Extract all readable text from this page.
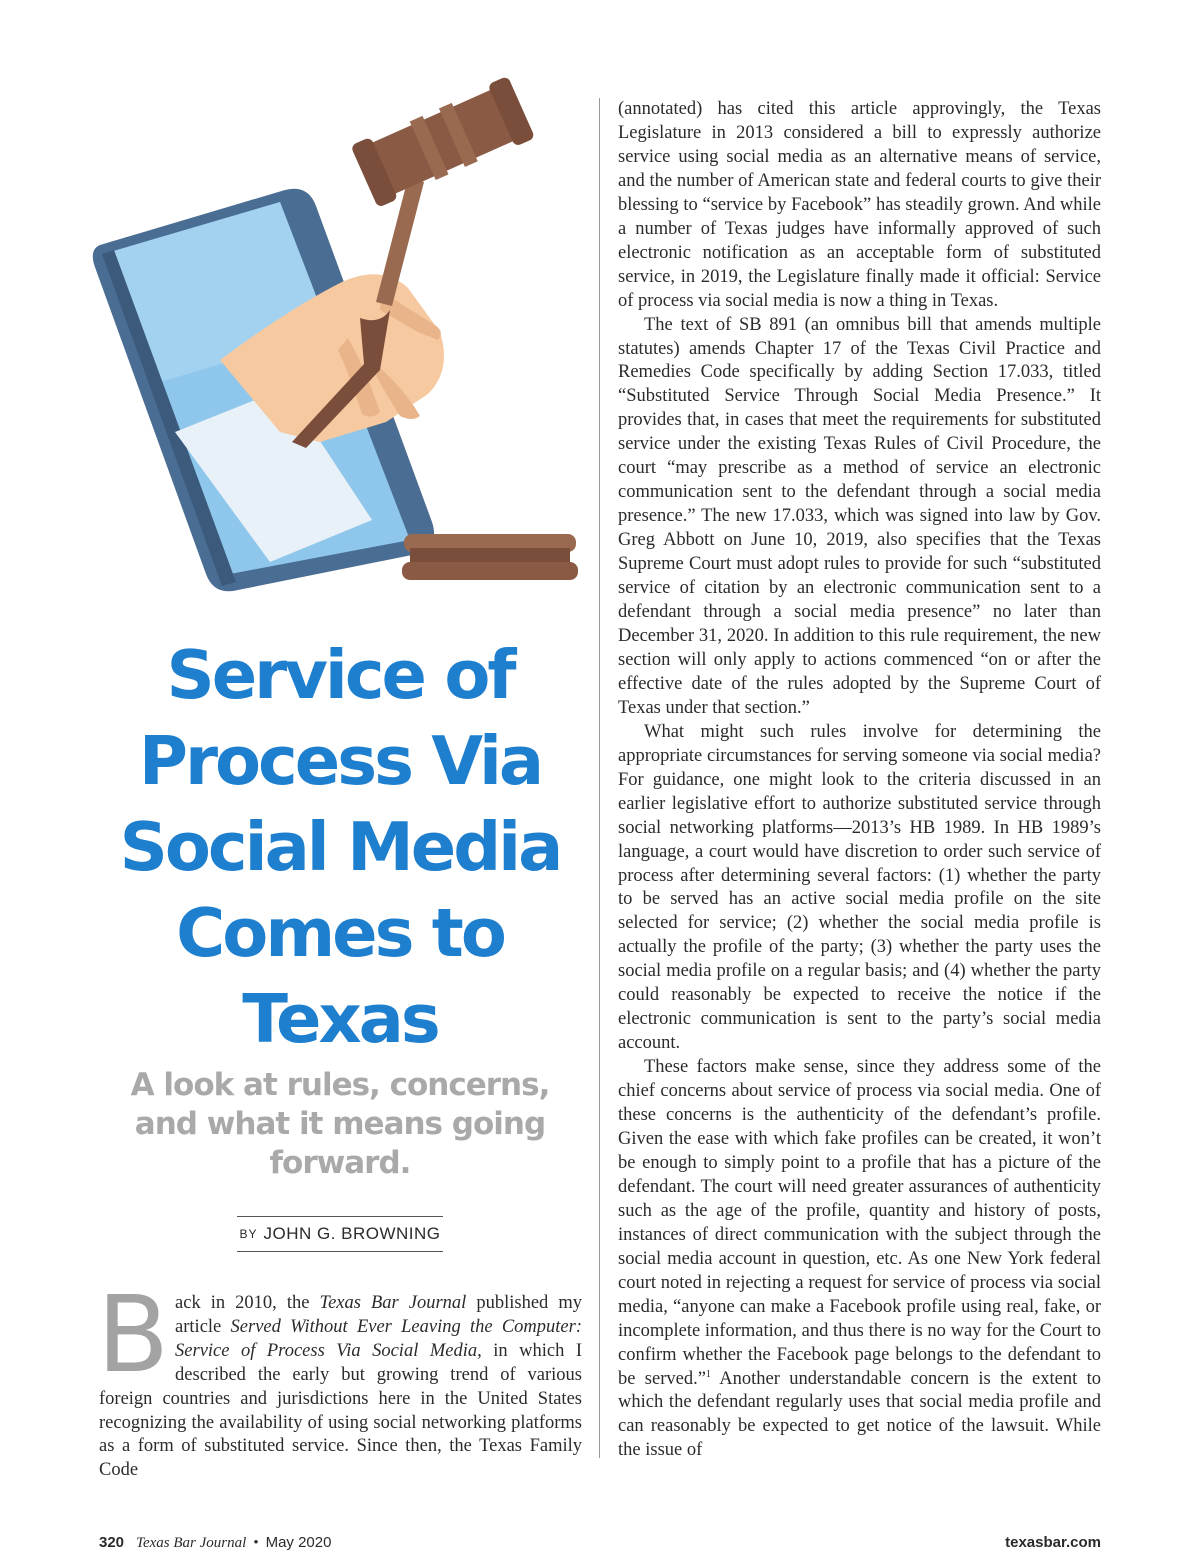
Service of Process Via Social Media Comes to Texas

A look at rules, concerns, and what it means going forward.

BY JOHN G. BROWNING

Back in 2010, the Texas Bar Journal published my article Served Without Ever Leaving the Computer: Service of Process Via Social Media, in which I described the early but growing trend of various foreign countries and jurisdictions here in the United States recognizing the availability of using social networking platforms as a form of substituted service. Since then, the Texas Family Code

(annotated) has cited this article approvingly, the Texas Legislature in 2013 considered a bill to expressly authorize service using social media as an alternative means of service, and the number of American state and federal courts to give their blessing to “service by Facebook” has steadily grown. And while a number of Texas judges have informally approved of such electronic notification as an acceptable form of substituted service, in 2019, the Legislature finally made it official: Service of process via social media is now a thing in Texas.

The text of SB 891 (an omnibus bill that amends multiple statutes) amends Chapter 17 of the Texas Civil Practice and Remedies Code specifically by adding Section 17.033, titled “Substituted Service Through Social Media Presence.” It provides that, in cases that meet the requirements for substituted service under the existing Texas Rules of Civil Procedure, the court “may prescribe as a method of service an electronic communication sent to the defendant through a social media presence.” The new 17.033, which was signed into law by Gov. Greg Abbott on June 10, 2019, also specifies that the Texas Supreme Court must adopt rules to provide for such “substituted service of citation by an electronic communication sent to a defendant through a social media presence” no later than December 31, 2020. In addition to this rule requirement, the new section will only apply to actions commenced “on or after the effective date of the rules adopted by the Supreme Court of Texas under that section.”

What might such rules involve for determining the appropriate circumstances for serving someone via social media? For guidance, one might look to the criteria discussed in an earlier legislative effort to authorize substituted service through social networking platforms—2013’s HB 1989. In HB 1989’s language, a court would have discretion to order such service of process after determining several factors: (1) whether the party to be served has an active social media profile on the site selected for service; (2) whether the social media profile is actually the profile of the party; (3) whether the party uses the social media profile on a regular basis; and (4) whether the party could reasonably be expected to receive the notice if the electronic communication is sent to the party’s social media account.

These factors make sense, since they address some of the chief concerns about service of process via social media. One of these concerns is the authenticity of the defendant’s profile. Given the ease with which fake profiles can be created, it won’t be enough to simply point to a profile that has a picture of the defendant. The court will need greater assurances of authenticity such as the age of the profile, quantity and history of posts, instances of direct communication with the subject through the social media account in question, etc. As one New York federal court noted in rejecting a request for service of process via social media, “anyone can make a Facebook profile using real, fake, or incomplete information, and thus there is no way for the Court to confirm whether the Facebook page belongs to the defendant to be served.”$^1$ Another understandable concern is the extent to which the defendant regularly uses that social media profile and can reasonably be expected to get notice of the lawsuit. While the issue of

320 Texas Bar Journal • May 2020	texasbar.com
